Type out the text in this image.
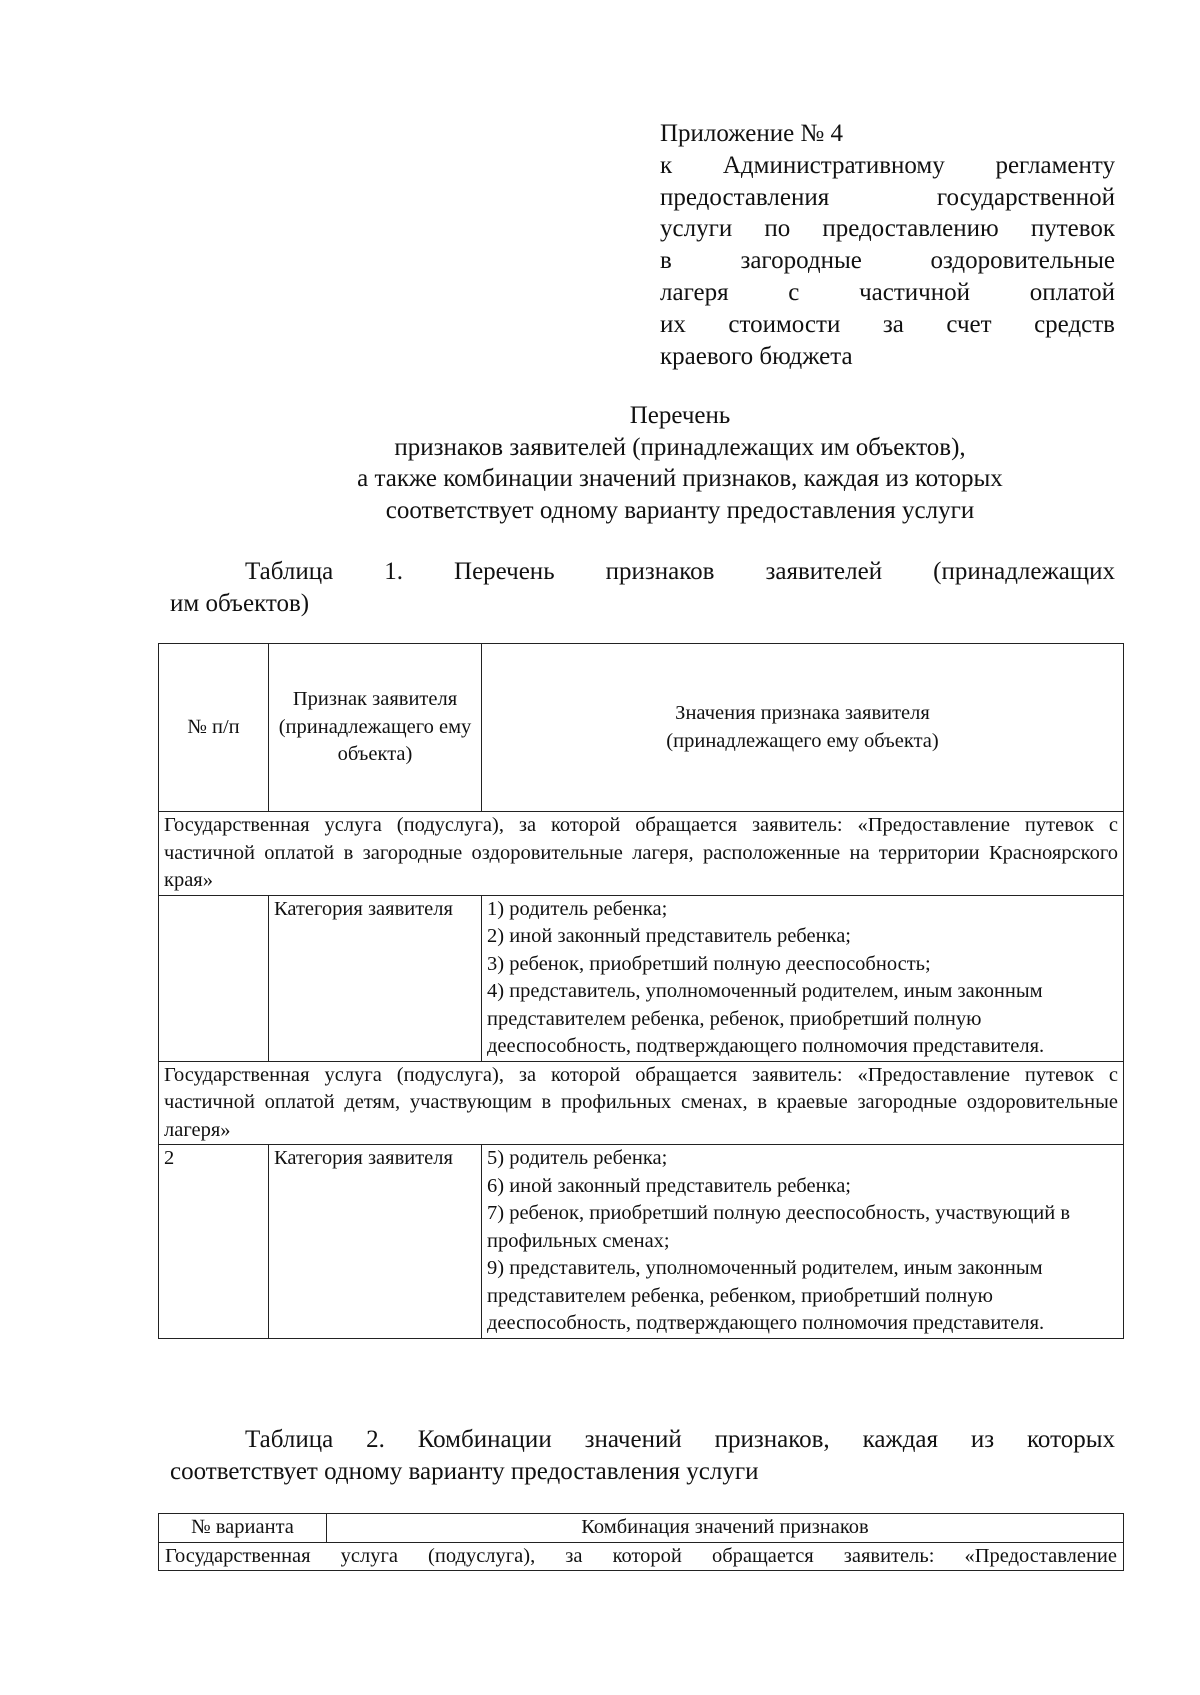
Приложение № 4
к Административному регламенту
предоставления государственной
услуги по предоставлению путевок
в загородные оздоровительные
лагеря с частичной оплатой
их стоимости за счет средств
краевого бюджета
Перечень
признаков заявителей (принадлежащих им объектов),
а также комбинации значений признаков, каждая из которых
соответствует одному варианту предоставления услуги
Таблица 1. Перечень признаков заявителей (принадлежащих
им объектов)
№ п/п	Признак заявителя (принадлежащего ему объекта)	Значения признака заявителя (принадлежащего ему объекта)
Государственная услуга (подуслуга), за которой обращается заявитель: «Предоставление путевок с частичной оплатой в загородные оздоровительные лагеря, расположенные на территории Красноярского края»		
	Категория заявителя	1) родитель ребенка;
2) иной законный представитель ребенка;
3) ребенок, приобретший полную дееспособность;
4) представитель, уполномоченный родителем, иным законным представителем ребенка, ребенок, приобретший полную дееспособность, подтверждающего полномочия представителя.

Государственная услуга (подуслуга), за которой обращается заявитель: «Предоставление путевок с частичной оплатой детям, участвующим в профильных сменах, в краевые загородные оздоровительные лагеря»		
2	Категория заявителя	5) родитель ребенка;
6) иной законный представитель ребенка;
7) ребенок, приобретший полную дееспособность, участвующий в профильных сменах;
9) представитель, уполномоченный родителем, иным законным представителем ребенка, ребенком, приобретший полную дееспособность, подтверждающего полномочия представителя.
Таблица 2. Комбинации значений признаков, каждая из которых
соответствует одному варианту предоставления услуги
№ варианта	Комбинация значений признаков
Государственная услуга (подуслуга), за которой обращается заявитель: «Предоставление
